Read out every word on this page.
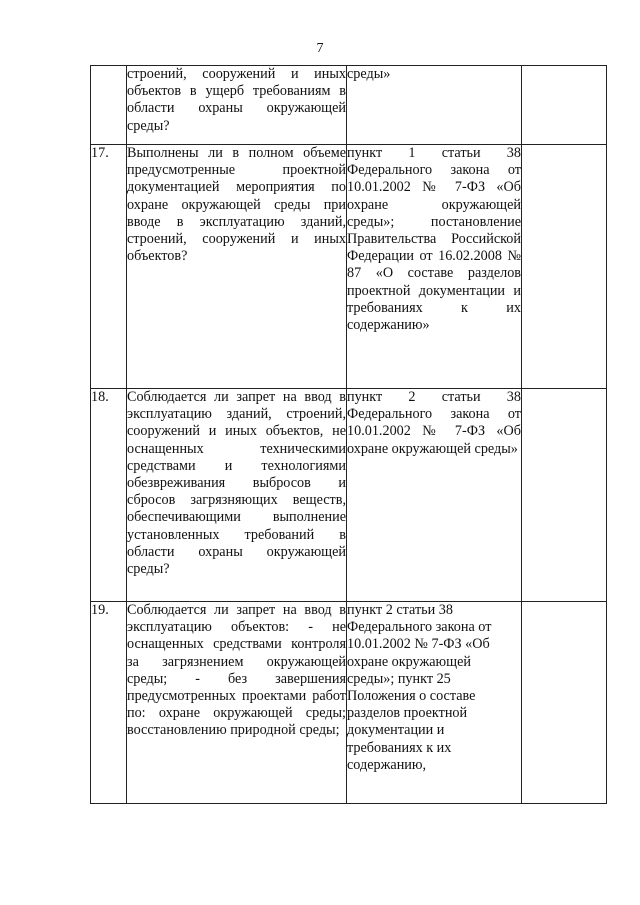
7
	строений, сооружений и иных объектов в ущерб требованиям в области охраны окружающей среды?	среды»	
17.	Выполнены ли в полном объеме предусмотренные проектной документацией мероприятия по охране окружающей среды при вводе в эксплуатацию зданий, строений, сооружений и иных объектов?	пункт 1 статьи 38 Федерального закона от 10.01.2002 № 7-ФЗ «Об охране окружающей среды»; постановление Правительства Российской Федерации от 16.02.2008 № 87 «О составе разделов проектной документации и требованиях к их содержанию»	
18.	Соблюдается ли запрет на ввод в эксплуатацию зданий, строений, сооружений и иных объектов, не оснащенных техническими средствами и технологиями обезвреживания выбросов и сбросов загрязняющих веществ, обеспечивающими выполнение установленных требований в области охраны окружающей среды?	пункт 2 статьи 38 Федерального закона от 10.01.2002 № 7-ФЗ «Об охране окружающей среды»	
19.	Соблюдается ли запрет на ввод в эксплуатацию объектов: - не оснащенных средствами контроля за загрязнением окружающей среды; - без завершения предусмотренных проектами работ по: охране окружающей среды; восстановлению природной среды;	пункт 2 статьи 38 Федерального закона от 10.01.2002 № 7-ФЗ «Об охране окружающей среды»; пункт 25 Положения о составе разделов проектной документации и требованиях к их содержанию,	
